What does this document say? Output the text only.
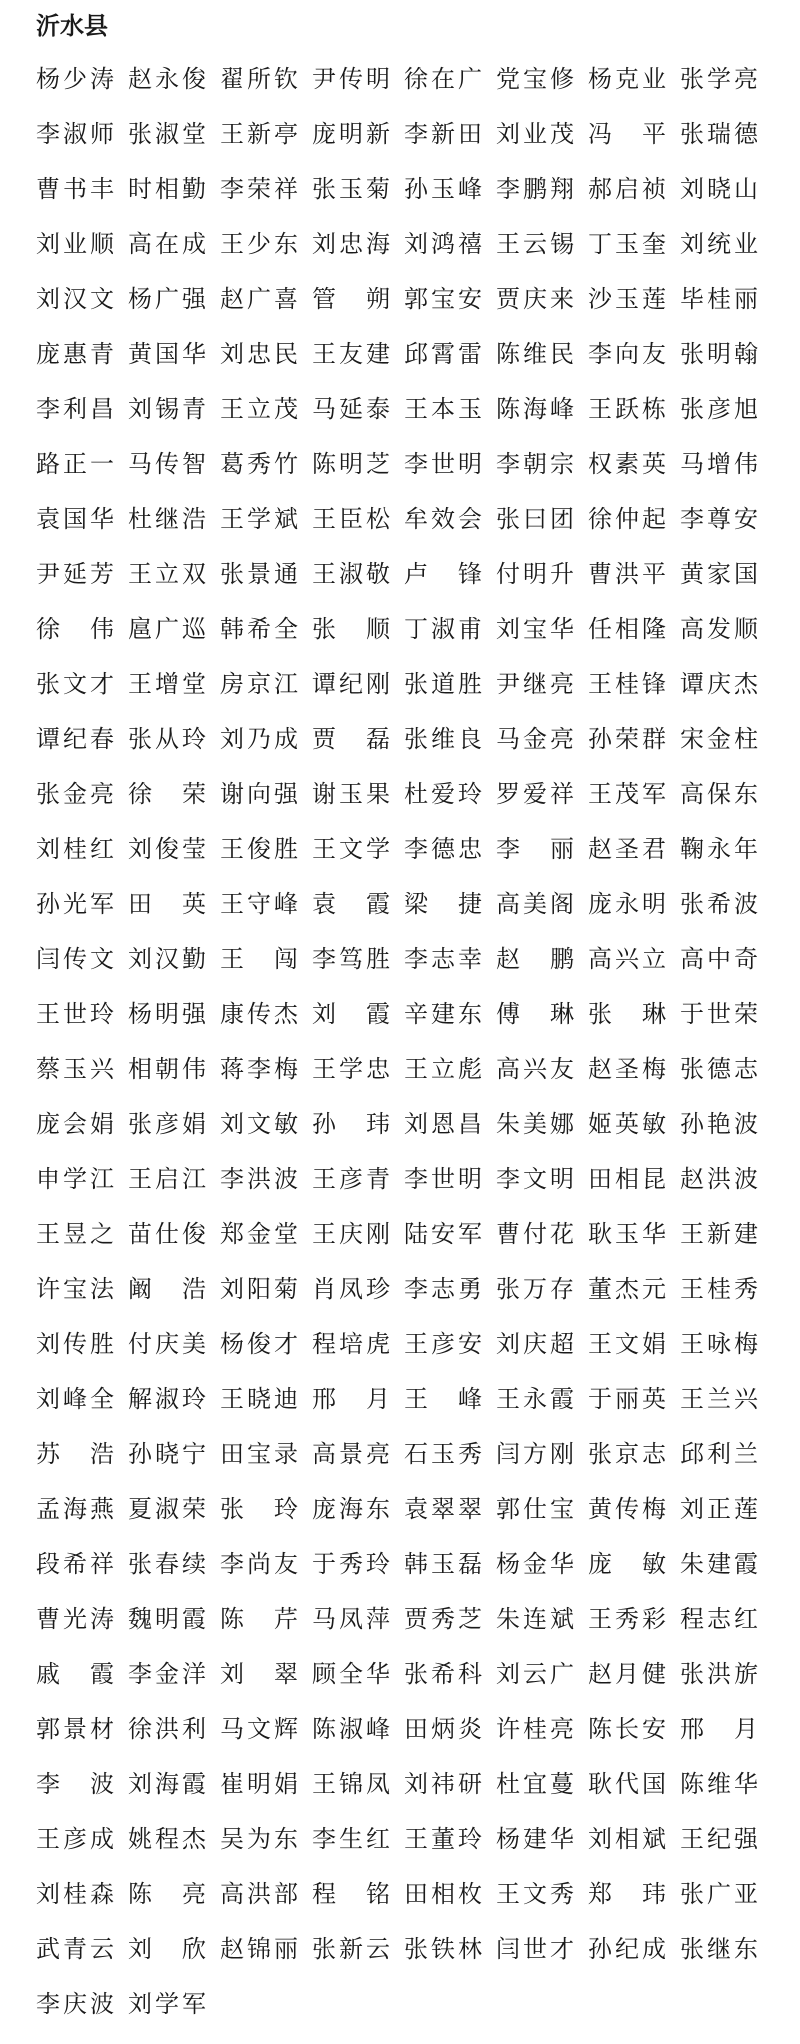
沂水县
杨少涛 赵永俊 翟所钦 尹传明 徐在广 党宝修 杨克业 张学亮
李淑师 张淑堂 王新亭 庞明新 李新田 刘业茂 冯　平 张瑞德
曹书丰 时相勤 李荣祥 张玉菊 孙玉峰 李鹏翔 郝启祯 刘晓山
刘业顺 高在成 王少东 刘忠海 刘鸿禧 王云锡 丁玉奎 刘统业
刘汉文 杨广强 赵广喜 管　朔 郭宝安 贾庆来 沙玉莲 毕桂丽
庞惠青 黄国华 刘忠民 王友建 邱霄雷 陈维民 李向友 张明翰
李利昌 刘锡青 王立茂 马延泰 王本玉 陈海峰 王跃栋 张彦旭
路正一 马传智 葛秀竹 陈明芝 李世明 李朝宗 权素英 马增伟
袁国华 杜继浩 王学斌 王臣松 牟效会 张曰团 徐仲起 李尊安
尹延芳 王立双 张景通 王淑敬 卢　锋 付明升 曹洪平 黄家国
徐　伟 扈广巡 韩希全 张　顺 丁淑甫 刘宝华 任相隆 高发顺
张文才 王增堂 房京江 谭纪刚 张道胜 尹继亮 王桂锋 谭庆杰
谭纪春 张从玲 刘乃成 贾　磊 张维良 马金亮 孙荣群 宋金柱
张金亮 徐　荣 谢向强 谢玉果 杜爱玲 罗爱祥 王茂军 高保东
刘桂红 刘俊莹 王俊胜 王文学 李德忠 李　丽 赵圣君 鞠永年
孙光军 田　英 王守峰 袁　霞 梁　捷 高美阁 庞永明 张希波
闫传文 刘汉勤 王　闯 李笃胜 李志幸 赵　鹏 高兴立 高中奇
王世玲 杨明强 康传杰 刘　霞 辛建东 傅　琳 张　琳 于世荣
蔡玉兴 相朝伟 蒋李梅 王学忠 王立彪 高兴友 赵圣梅 张德志
庞会娟 张彦娟 刘文敏 孙　玮 刘恩昌 朱美娜 姬英敏 孙艳波
申学江 王启江 李洪波 王彦青 李世明 李文明 田相昆 赵洪波
王昱之 苗仕俊 郑金堂 王庆刚 陆安军 曹付花 耿玉华 王新建
许宝法 阚　浩 刘阳菊 肖凤珍 李志勇 张万存 董杰元 王桂秀
刘传胜 付庆美 杨俊才 程培虎 王彦安 刘庆超 王文娟 王咏梅
刘峰全 解淑玲 王晓迪 邢　月 王　峰 王永霞 于丽英 王兰兴
苏　浩 孙晓宁 田宝录 高景亮 石玉秀 闫方刚 张京志 邱利兰
孟海燕 夏淑荣 张　玲 庞海东 袁翠翠 郭仕宝 黄传梅 刘正莲
段希祥 张春续 李尚友 于秀玲 韩玉磊 杨金华 庞　敏 朱建霞
曹光涛 魏明霞 陈　芹 马凤萍 贾秀芝 朱连斌 王秀彩 程志红
戚　霞 李金洋 刘　翠 顾全华 张希科 刘云广 赵月健 张洪旂
郭景材 徐洪利 马文辉 陈淑峰 田炳炎 许桂亮 陈长安 邢　月
李　波 刘海霞 崔明娟 王锦凤 刘祎研 杜宜蔓 耿代国 陈维华
王彦成 姚程杰 吴为东 李生红 王董玲 杨建华 刘相斌 王纪强
刘桂森 陈　亮 高洪部 程　铭 田相枚 王文秀 郑　玮 张广亚
武青云 刘　欣 赵锦丽 张新云 张铁林 闫世才 孙纪成 张继东
李庆波 刘学军
